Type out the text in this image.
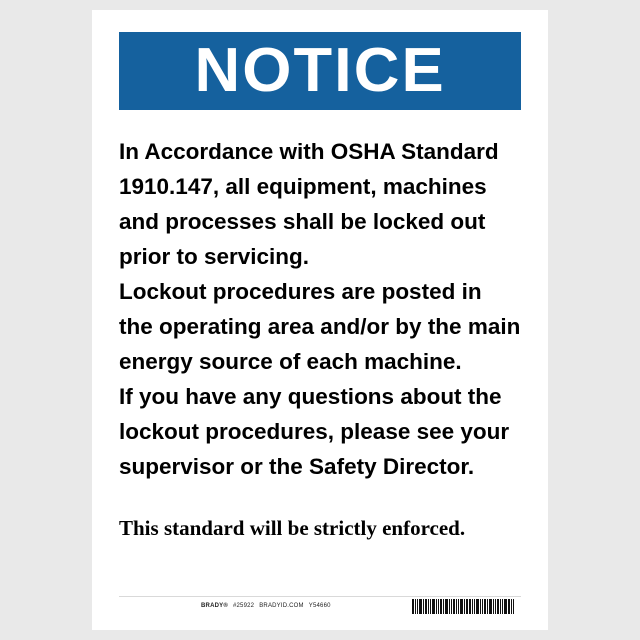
NOTICE

In Accordance with OSHA Standard 1910.147, all equipment, machines and processes shall be locked out prior to servicing.

Lockout procedures are posted in the operating area and/or by the main energy source of each machine.

If you have any questions about the lockout procedures, please see your supervisor or the Safety Director.

This standard will be strictly enforced.
BRADY® #25922 BRADYID.COM Y54660
